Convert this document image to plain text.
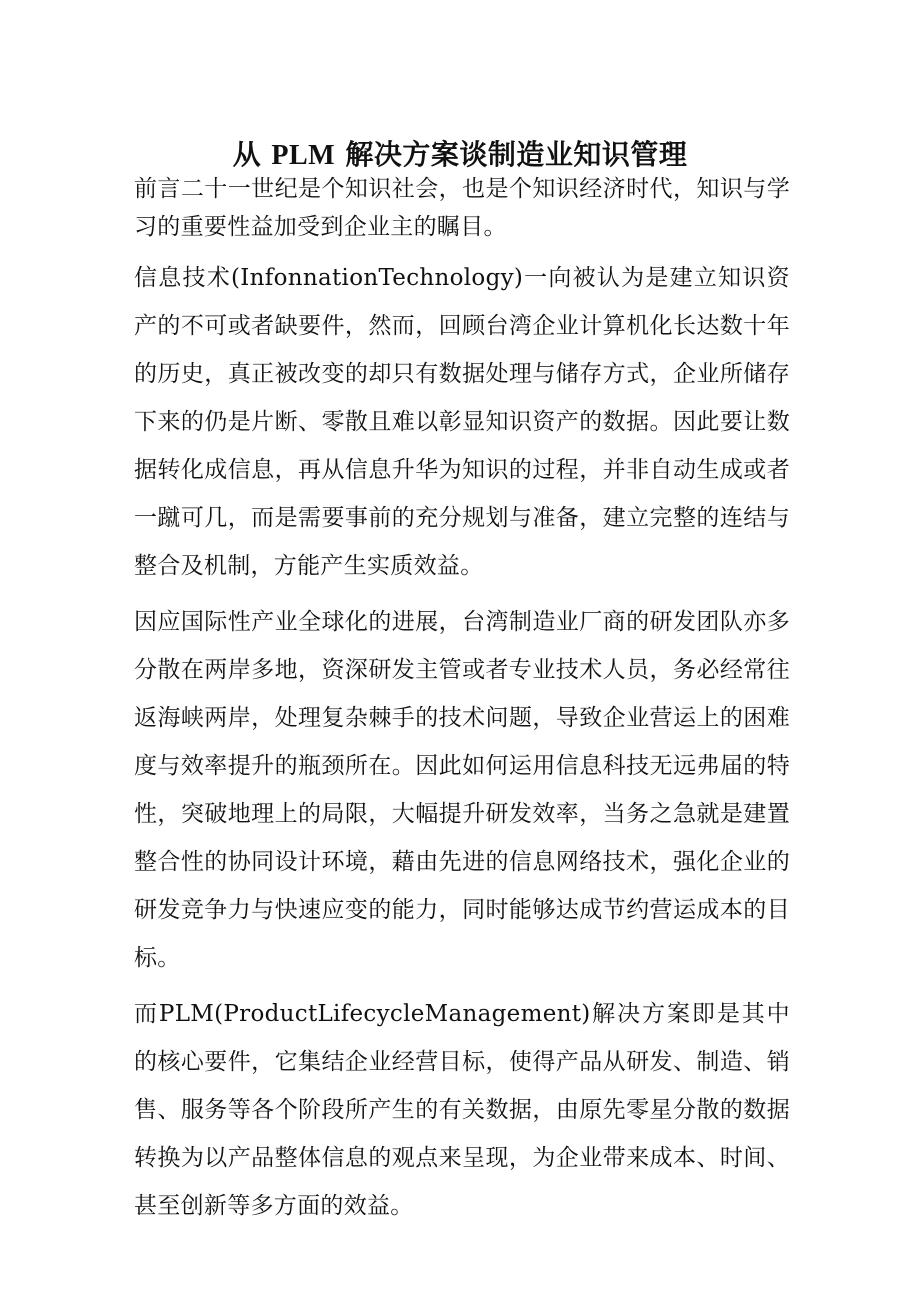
从 PLM 解决方案谈制造业知识管理

前言二十一世纪是个知识社会，也是个知识经济时代，知识与学习的重要性益加受到企业主的瞩目。

信息技术(InfonnationTechnology)一向被认为是建立知识资产的不可或者缺要件，然而，回顾台湾企业计算机化长达数十年的历史，真正被改变的却只有数据处理与储存方式，企业所储存下来的仍是片断、零散且难以彰显知识资产的数据。因此要让数据转化成信息，再从信息升华为知识的过程，并非自动生成或者一蹴可几，而是需要事前的充分规划与准备，建立完整的连结与整合及机制，方能产生实质效益。

因应国际性产业全球化的进展，台湾制造业厂商的研发团队亦多分散在两岸多地，资深研发主管或者专业技术人员，务必经常往返海峡两岸，处理复杂棘手的技术问题，导致企业营运上的困难度与效率提升的瓶颈所在。因此如何运用信息科技无远弗届的特性，突破地理上的局限，大幅提升研发效率，当务之急就是建置整合性的协同设计环境，藉由先进的信息网络技术，强化企业的研发竞争力与快速应变的能力，同时能够达成节约营运成本的目标。

而PLM(ProductLifecycleManagement)解决方案即是其中的核心要件，它集结企业经营目标，使得产品从研发、制造、销售、服务等各个阶段所产生的有关数据，由原先零星分散的数据转换为以产品整体信息的观点来呈现，为企业带来成本、时间、甚至创新等多方面的效益。
